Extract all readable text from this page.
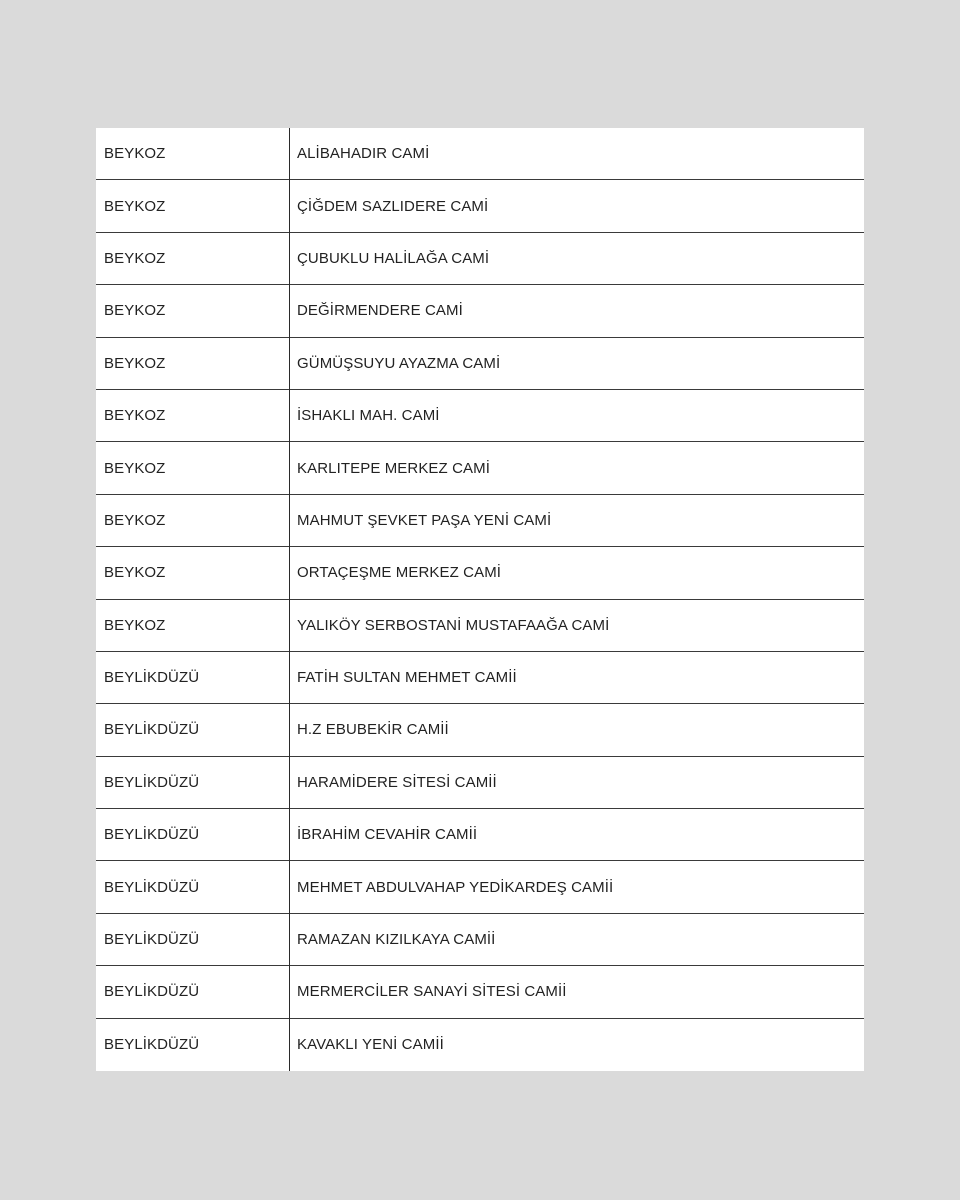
BEYKOZ	ALİBAHADIR CAMİ
BEYKOZ	ÇİĞDEM SAZLIDERE CAMİ
BEYKOZ	ÇUBUKLU HALİLAĞA CAMİ
BEYKOZ	DEĞİRMENDERE CAMİ
BEYKOZ	GÜMÜŞSUYU AYAZMA CAMİ
BEYKOZ	İSHAKLI MAH. CAMİ
BEYKOZ	KARLITEPE MERKEZ CAMİ
BEYKOZ	MAHMUT ŞEVKET PAŞA YENİ CAMİ
BEYKOZ	ORTAÇEŞME MERKEZ CAMİ
BEYKOZ	YALIKÖY SERBOSTANİ MUSTAFAAĞA CAMİ
BEYLİKDÜZÜ	FATİH SULTAN MEHMET CAMİİ
BEYLİKDÜZÜ	H.Z EBUBEKİR CAMİİ
BEYLİKDÜZÜ	HARAMİDERE SİTESİ CAMİİ
BEYLİKDÜZÜ	İBRAHİM CEVAHİR CAMİİ
BEYLİKDÜZÜ	MEHMET ABDULVAHAP YEDİKARDEŞ CAMİİ
BEYLİKDÜZÜ	RAMAZAN KIZILKAYA CAMİİ
BEYLİKDÜZÜ	MERMERCİLER SANAYİ SİTESİ CAMİİ
BEYLİKDÜZÜ	KAVAKLI YENİ CAMİİ
